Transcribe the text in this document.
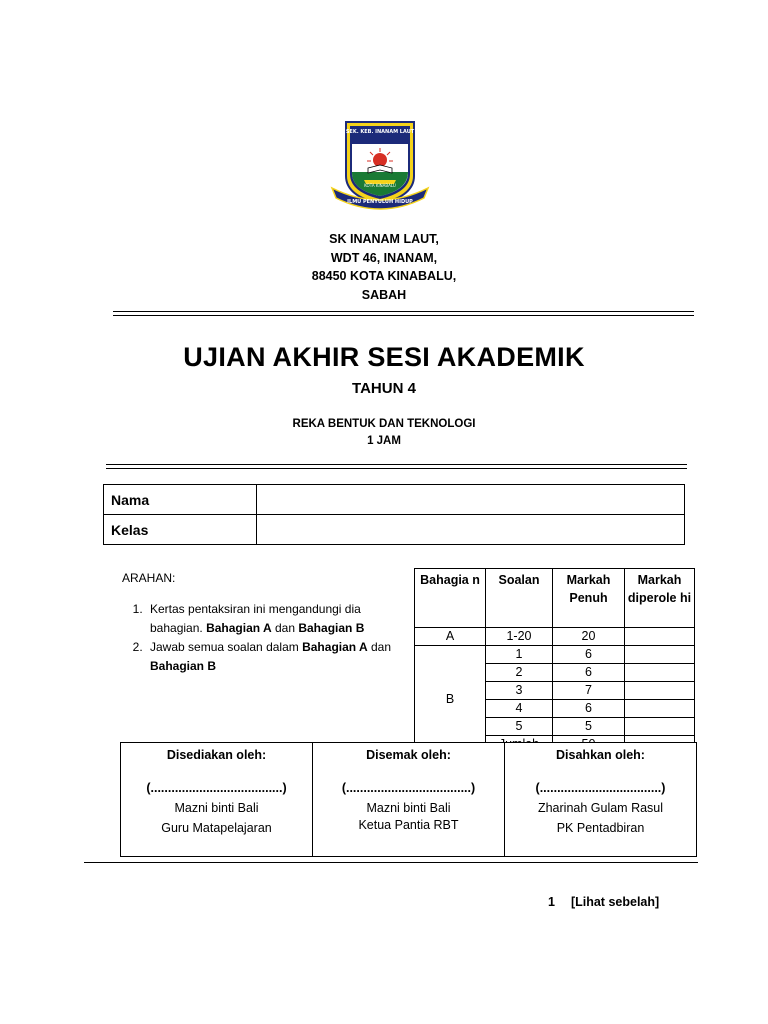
SEK. KEB. INANAM LAUT
KOTA KINABALU
ILMU PENYULUH HIDUP
SK INANAM LAUT,
WDT 46, INANAM,
88450 KOTA KINABALU,
SABAH
UJIAN AKHIR SESI AKADEMIK
TAHUN 4
REKA BENTUK DAN TEKNOLOGI
1 JAM
Nama	
Kelas	
ARAHAN:
1. Kertas pentaksiran ini mengandungi dia bahagian. Bahagian A dan Bahagian B
2. Jawab semua soalan dalam Bahagian A dan Bahagian B
Bahagia n	Soalan	Markah Penuh	Markah diperole hi
A	1-20	20	
B	1	6	
	2	6	
	3	7	
	4	6	
	5	5	

Disediakan oleh:
(......................................)
Mazni binti Bali
Guru Matapelajaran

Disemak oleh:
(....................................)
Mazni binti Bali
Ketua Pantia RBT

Disahkan oleh:
(...................................)
Zharinah Gulam Rasul
PK Pentadbiran
1 [Lihat sebelah]
